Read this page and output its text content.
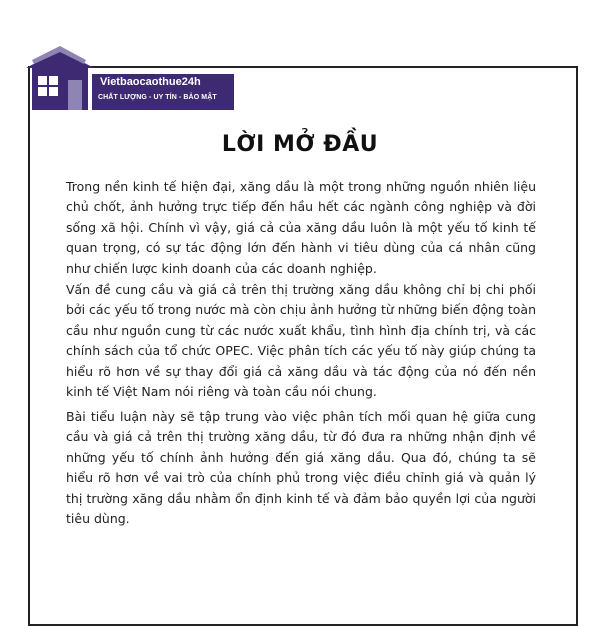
Vietbaocaothue24h
CHẤT LƯỢNG - UY TÍN - BẢO MẬT
LỜI MỞ ĐẦU

Trong nền kinh tế hiện đại, xăng dầu là một trong những nguồn nhiên liệu chủ chốt, ảnh hưởng trực tiếp đến hầu hết các ngành công nghiệp và đời sống xã hội. Chính vì vậy, giá cả của xăng dầu luôn là một yếu tố kinh tế quan trọng, có sự tác động lớn đến hành vi tiêu dùng của cá nhân cũng như chiến lược kinh doanh của các doanh nghiệp.

Vấn đề cung cầu và giá cả trên thị trường xăng dầu không chỉ bị chi phối bởi các yếu tố trong nước mà còn chịu ảnh hưởng từ những biến động toàn cầu như nguồn cung từ các nước xuất khẩu, tình hình địa chính trị, và các chính sách của tổ chức OPEC. Việc phân tích các yếu tố này giúp chúng ta hiểu rõ hơn về sự thay đổi giá cả xăng dầu và tác động của nó đến nền kinh tế Việt Nam nói riêng và toàn cầu nói chung.

Bài tiểu luận này sẽ tập trung vào việc phân tích mối quan hệ giữa cung cầu và giá cả trên thị trường xăng dầu, từ đó đưa ra những nhận định về những yếu tố chính ảnh hưởng đến giá xăng dầu. Qua đó, chúng ta sẽ hiểu rõ hơn về vai trò của chính phủ trong việc điều chỉnh giá và quản lý thị trường xăng dầu nhằm ổn định kinh tế và đảm bảo quyền lợi của người tiêu dùng.
